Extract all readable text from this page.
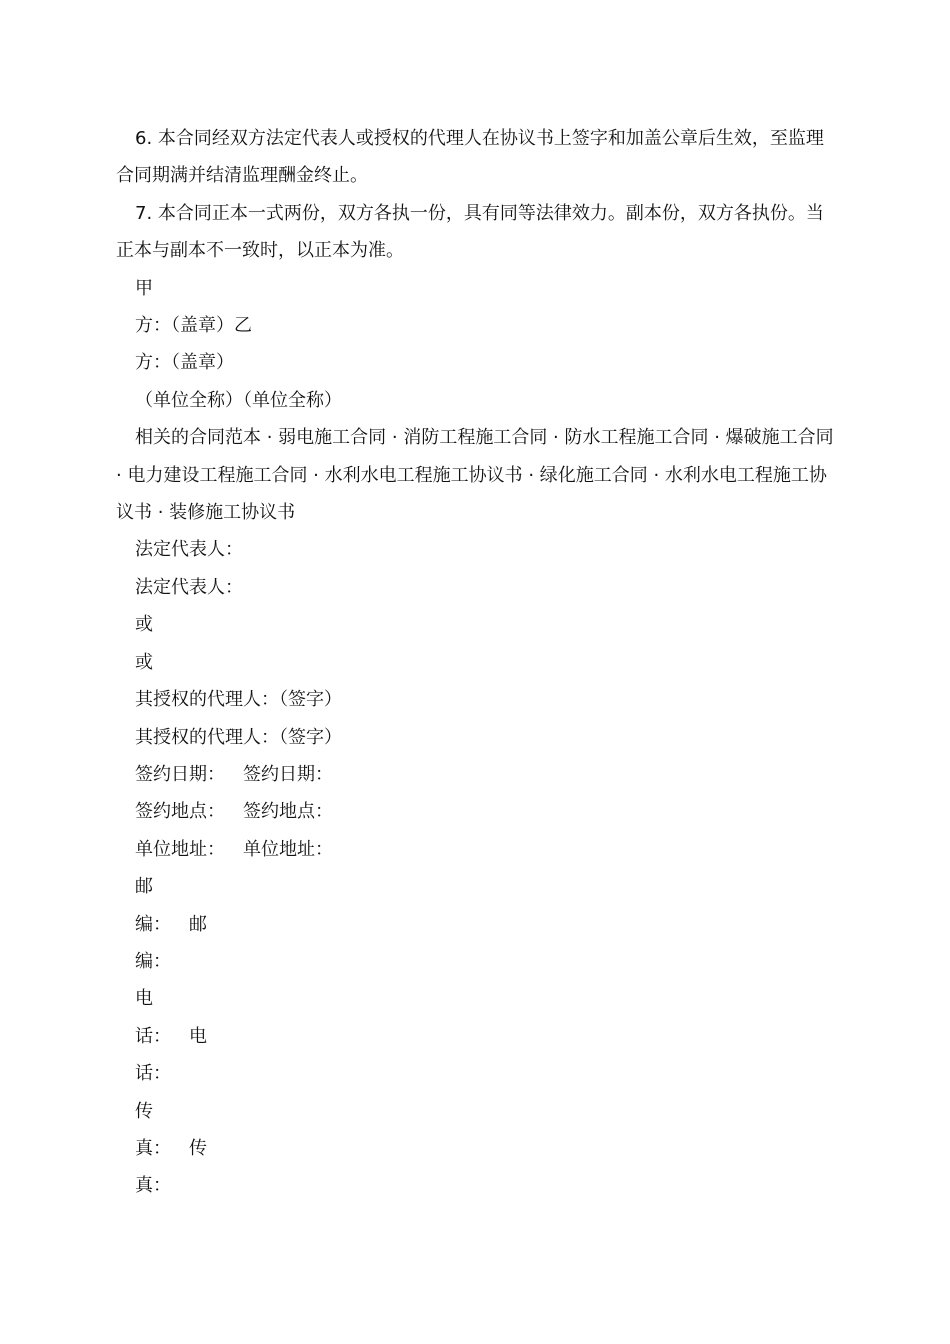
6. 本合同经双方法定代表人或授权的代理人在协议书上签字和加盖公章后生效，至监理合同期满并结清监理酬金终止。

7. 本合同正本一式两份，双方各执一份，具有同等法律效力。副本份，双方各执份。当正本与副本不一致时，以正本为准。

甲

方：（盖章）乙

方：（盖章）

（单位全称）（单位全称）

相关的合同范本 · 弱电施工合同 · 消防工程施工合同 · 防水工程施工合同 · 爆破施工合同 · 电力建设工程施工合同 · 水利水电工程施工协议书 · 绿化施工合同 · 水利水电工程施工协议书 · 装修施工协议书

法定代表人：

法定代表人：

或

或

其授权的代理人：（签字）

其授权的代理人：（签字）

签约日期： 签约日期：

签约地点： 签约地点：

单位地址： 单位地址：

邮

编： 邮

编：

电

话： 电

话：

传

真： 传

真：
